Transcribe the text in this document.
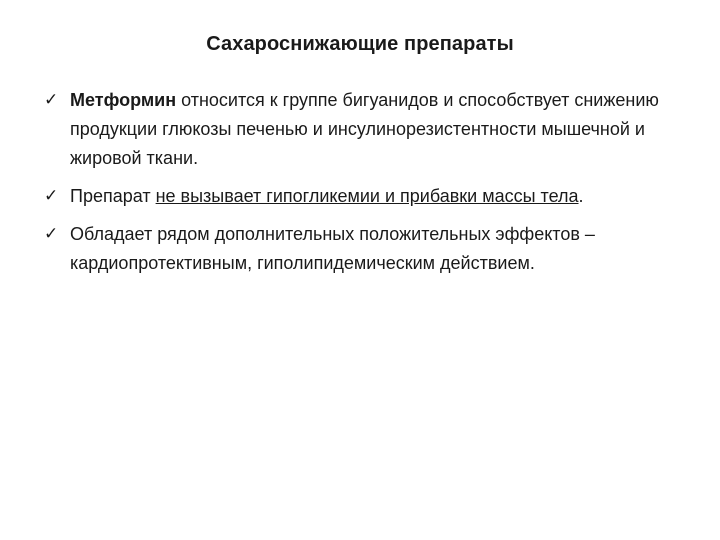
Сахароснижающие препараты
✓ Метформин относится к группе бигуанидов и способствует снижению продукции глюкозы печенью и инсулинорезистентности мышечной и жировой ткани.
✓ Препарат не вызывает гипогликемии и прибавки массы тела.
✓ Обладает рядом дополнительных положительных эффектов – кардиопротективным, гиполипидемическим действием.
